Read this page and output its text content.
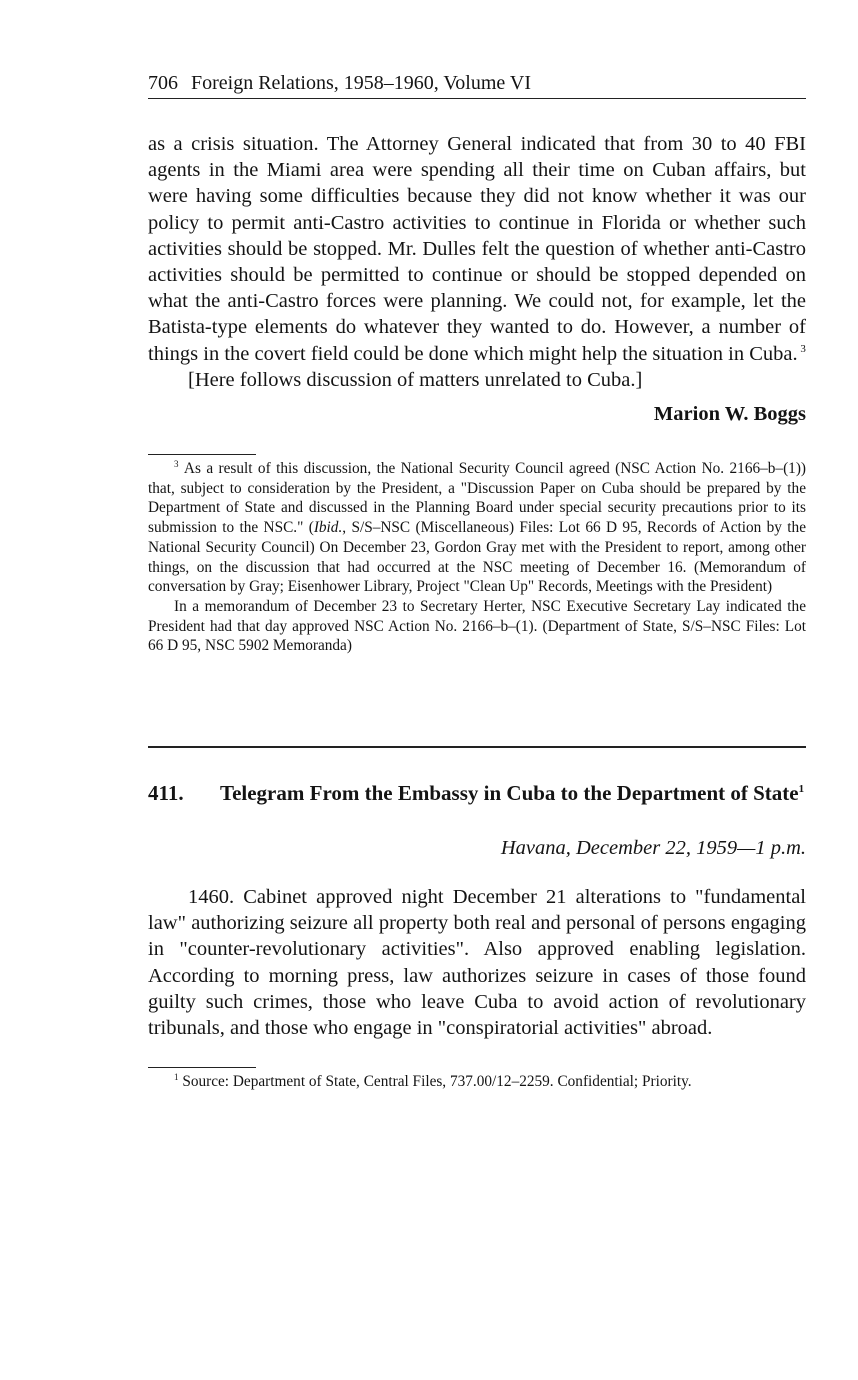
706 Foreign Relations, 1958–1960, Volume VI

as a crisis situation. The Attorney General indicated that from 30 to 40 FBI agents in the Miami area were spending all their time on Cuban affairs, but were having some difficulties because they did not know whether it was our policy to permit anti-Castro activities to continue in Florida or whether such activities should be stopped. Mr. Dulles felt the question of whether anti-Castro activities should be permitted to continue or should be stopped depended on what the anti-Castro forces were planning. We could not, for example, let the Batista-type elements do whatever they wanted to do. However, a number of things in the covert field could be done which might help the situation in Cuba. $^3$

[Here follows discussion of matters unrelated to Cuba.]

Marion W. Boggs

$^3$ As a result of this discussion, the National Security Council agreed (NSC Action No. 2166–b–(1)) that, subject to consideration by the President, a "Discussion Paper on Cuba should be prepared by the Department of State and discussed in the Planning Board under special security precautions prior to its submission to the NSC." (Ibid., S/S–NSC (Miscellaneous) Files: Lot 66 D 95, Records of Action by the National Security Council) On December 23, Gordon Gray met with the President to report, among other things, on the discussion that had occurred at the NSC meeting of December 16. (Memorandum of conversation by Gray; Eisenhower Library, Project "Clean Up" Records, Meetings with the President)

In a memorandum of December 23 to Secretary Herter, NSC Executive Secretary Lay indicated the President had that day approved NSC Action No. 2166–b–(1). (Department of State, S/S–NSC Files: Lot 66 D 95, NSC 5902 Memoranda)

411.	Telegram From the Embassy in Cuba to the Department of State$^1$
Havana, December 22, 1959—1 p.m.

1460. Cabinet approved night December 21 alterations to "fundamental law" authorizing seizure all property both real and personal of persons engaging in "counter-revolutionary activities". Also approved enabling legislation. According to morning press, law authorizes seizure in cases of those found guilty such crimes, those who leave Cuba to avoid action of revolutionary tribunals, and those who engage in "conspiratorial activities" abroad.

$^1$ Source: Department of State, Central Files, 737.00/12–2259. Confidential; Priority.
